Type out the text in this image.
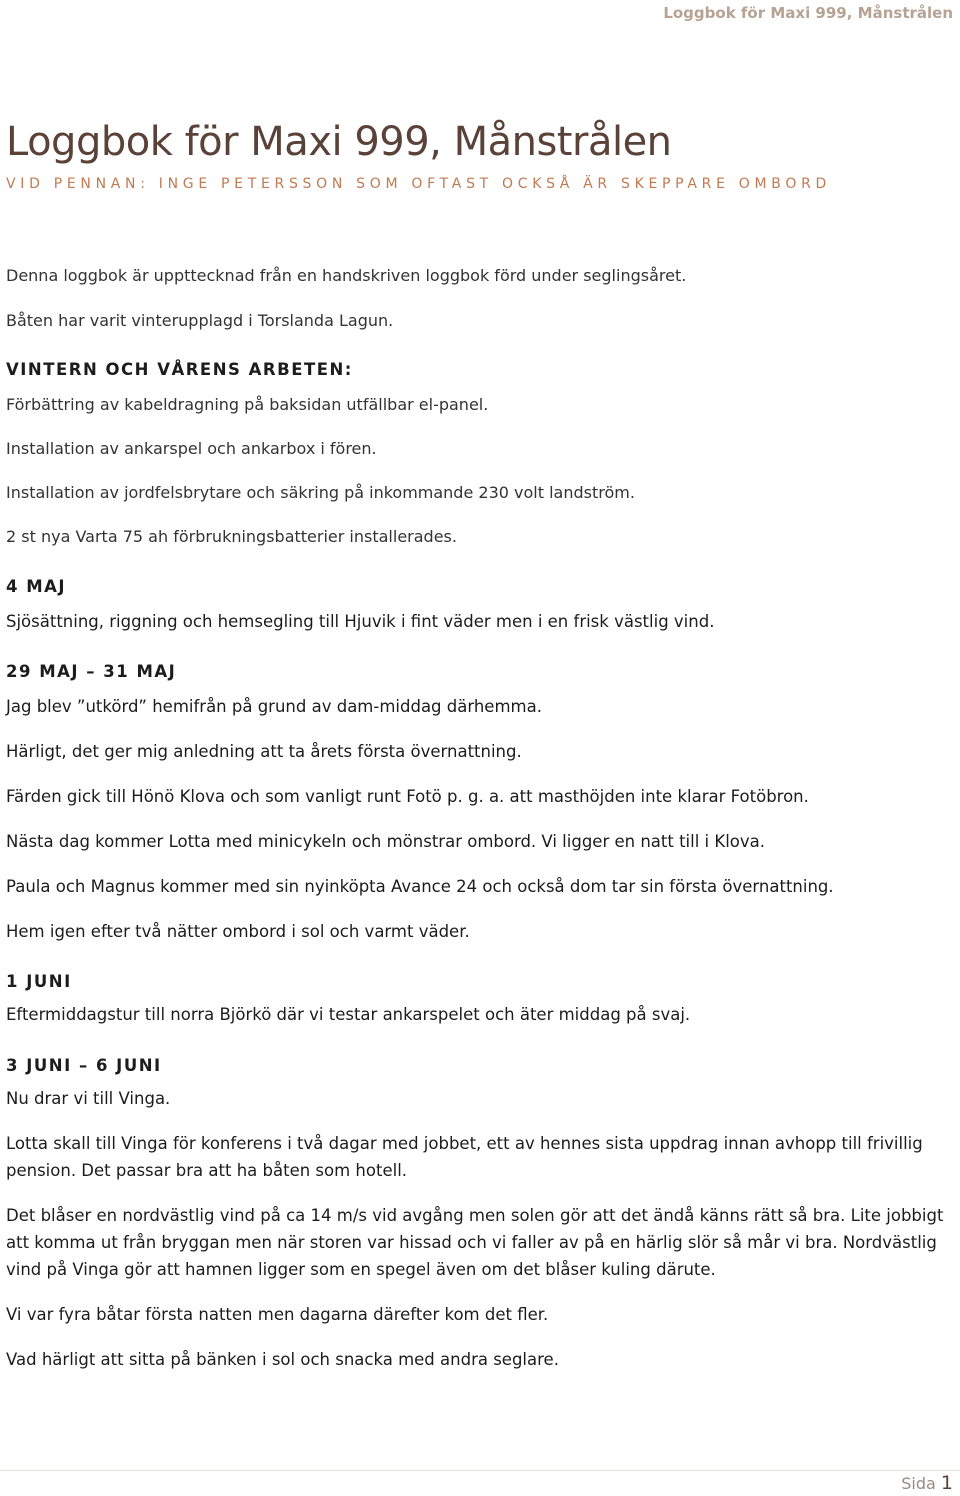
Loggbok för Maxi 999, Månstrålen
Loggbok för Maxi 999, Månstrålen
VID PENNAN: INGE PETERSSON SOM OFTAST OCKSÅ ÄR SKEPPARE OMBORD

Denna loggbok är uppttecknad från en handskriven loggbok förd under seglingsåret.

Båten har varit vinterupplagd i Torslanda Lagun.

VINTERN OCH VÅRENS ARBETEN:

Förbättring av kabeldragning på baksidan utfällbar el-panel.

Installation av ankarspel och ankarbox i fören.

Installation av jordfelsbrytare och säkring på inkommande 230 volt landström.

2 st nya Varta 75 ah förbrukningsbatterier installerades.

4 MAJ

Sjösättning, riggning och hemsegling till Hjuvik i fint väder men i en frisk västlig vind.

29 MAJ – 31 MAJ

Jag blev ”utkörd” hemifrån på grund av dam-middag därhemma.

Härligt, det ger mig anledning att ta årets första övernattning.

Färden gick till Hönö Klova och som vanligt runt Fotö p. g. a. att masthöjden inte klarar Fotöbron.

Nästa dag kommer Lotta med minicykeln och mönstrar ombord. Vi ligger en natt till i Klova.

Paula och Magnus kommer med sin nyinköpta Avance 24 och också dom tar sin första övernattning.

Hem igen efter två nätter ombord i sol och varmt väder.

1 JUNI

Eftermiddagstur till norra Björkö där vi testar ankarspelet och äter middag på svaj.

3 JUNI – 6 JUNI

Nu drar vi till Vinga.

Lotta skall till Vinga för konferens i två dagar med jobbet, ett av hennes sista uppdrag innan avhopp till frivillig pension. Det passar bra att ha båten som hotell.

Det blåser en nordvästlig vind på ca 14 m/s vid avgång men solen gör att det ändå känns rätt så bra. Lite jobbigt att komma ut från bryggan men när storen var hissad och vi faller av på en härlig slör så mår vi bra. Nordvästlig vind på Vinga gör att hamnen ligger som en spegel även om det blåser kuling därute.

Vi var fyra båtar första natten men dagarna därefter kom det fler.

Vad härligt att sitta på bänken i sol och snacka med andra seglare.

Sida 1
